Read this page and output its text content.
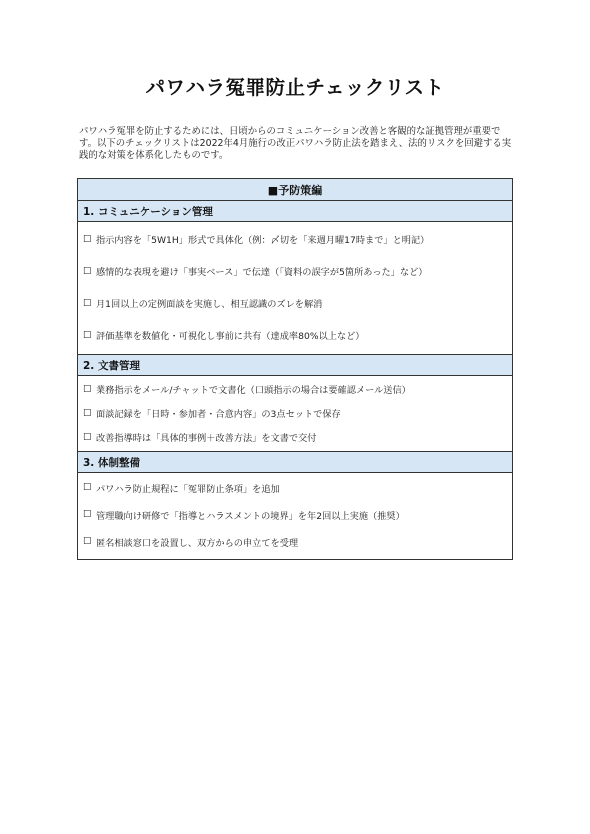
パワハラ冤罪防止チェックリスト
パワハラ冤罪を防止するためには、日頃からのコミュニケーション改善と客観的な証拠管理が重要です。以下のチェックリストは2022年4月施行の改正パワハラ防止法を踏まえ、法的リスクを回避する実践的な対策を体系化したものです。
■予防策編
1. コミュニケーション管理
☐ 指示内容を「5W1H」形式で具体化（例：〆切を「来週月曜17時まで」と明記）
☐ 感情的な表現を避け「事実ベース」で伝達（「資料の誤字が5箇所あった」など）
☐ 月1回以上の定例面談を実施し、相互認識のズレを解消
☐ 評価基準を数値化・可視化し事前に共有（達成率80%以上など）
2. 文書管理
☐ 業務指示をメール/チャットで文書化（口頭指示の場合は要確認メール送信）
☐ 面談記録を「日時・参加者・合意内容」の3点セットで保存
☐ 改善指導時は「具体的事例＋改善方法」を文書で交付
3. 体制整備
☐ パワハラ防止規程に「冤罪防止条項」を追加
☐ 管理職向け研修で「指導とハラスメントの境界」を年2回以上実施（推奨）
☐ 匿名相談窓口を設置し、双方からの申立てを受理
